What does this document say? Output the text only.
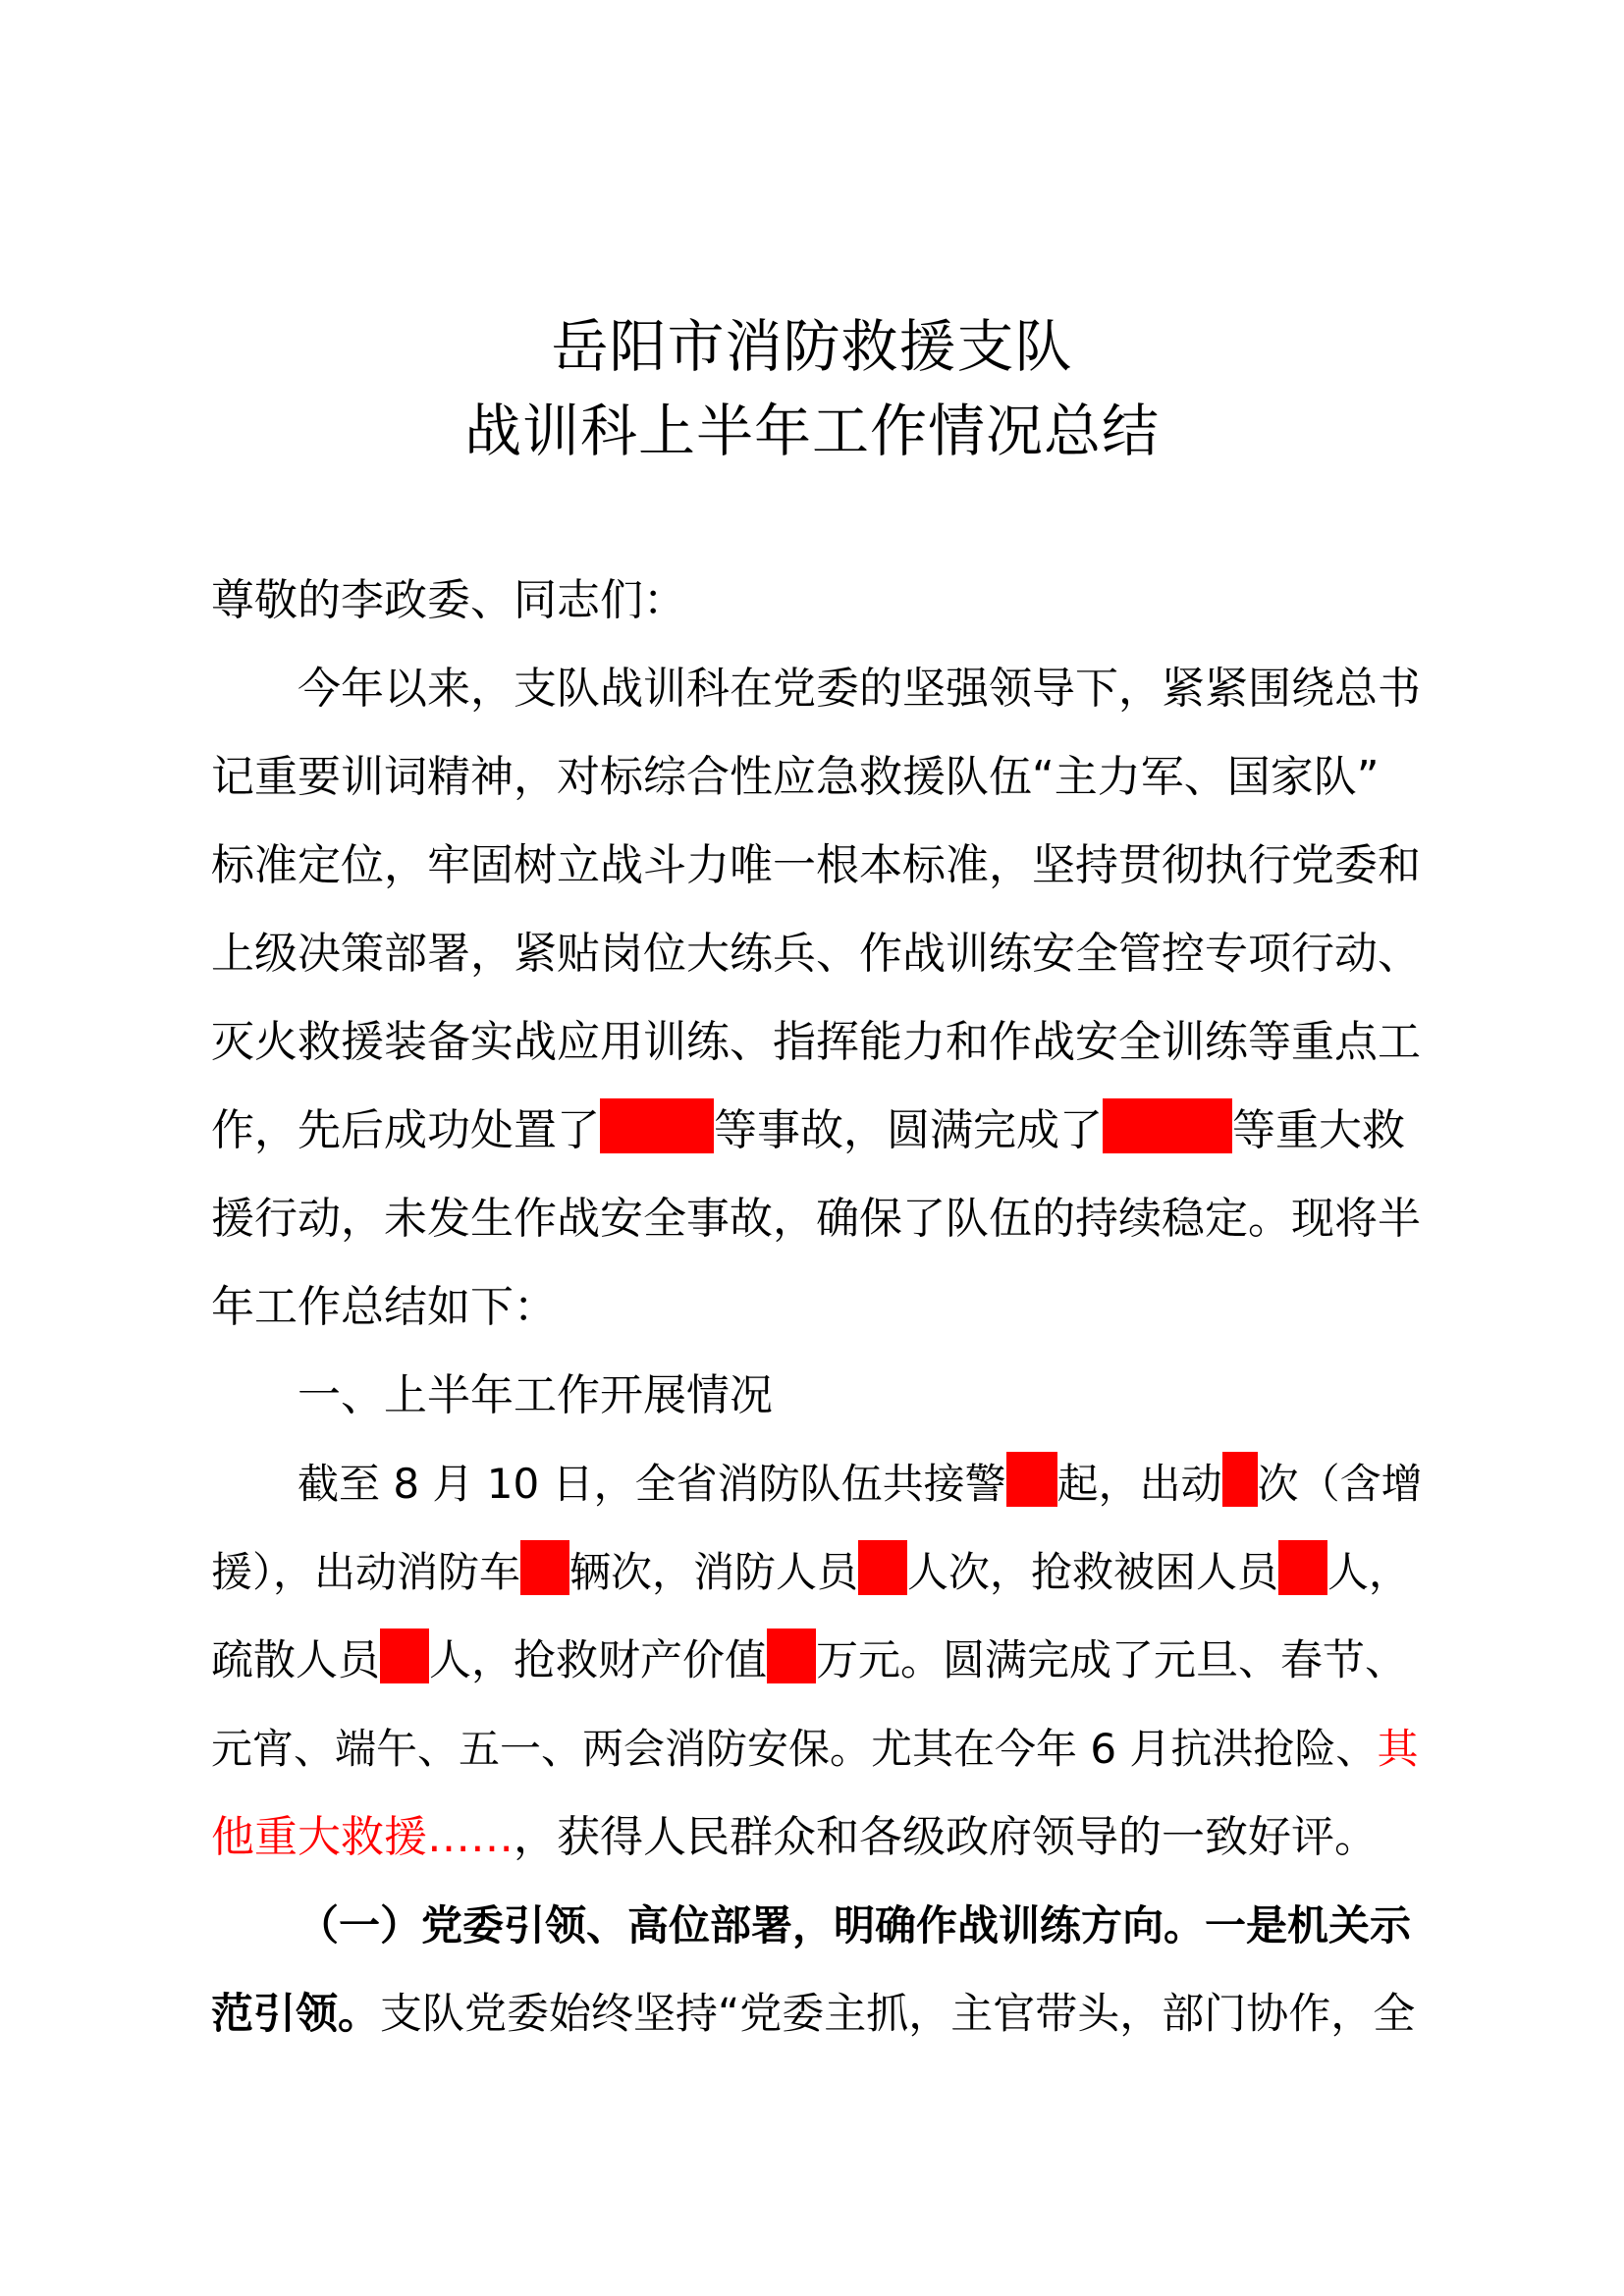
岳阳市消防救援支队
战训科上半年工作情况总结
尊敬的李政委、同志们：
今年以来，支队战训科在党委的坚强领导下，紧紧围绕总书
记重要训词精神，对标综合性应急救援队伍“主力军、国家队”
标准定位，牢固树立战斗力唯一根本标准，坚持贯彻执行党委和
上级决策部署，紧贴岗位大练兵、作战训练安全管控专项行动、
灭火救援装备实战应用训练、指挥能力和作战安全训练等重点工
作，先后成功处置了	等事故，圆满完成了	等重大救
援行动，未发生作战安全事故，确保了队伍的持续稳定。现将半
年工作总结如下：
一、上半年工作开展情况
截至 8 月 10 日，全省消防队伍共接警 起，出动 次（含增
援），出动消防车 辆次，消防人员 人次，抢救被困人员 人，
疏散人员 人，抢救财产价值 万元。圆满完成了元旦、春节、
元宵、端午、五一、两会消防安保。尤其在今年 6 月抗洪抢险、其
他重大救援……，获得人民群众和各级政府领导的一致好评。
（一）党委引领、高位部署，明确作战训练方向。一是机关示
范引领。支队党委始终坚持“党委主抓，主官带头，部门协作，全
